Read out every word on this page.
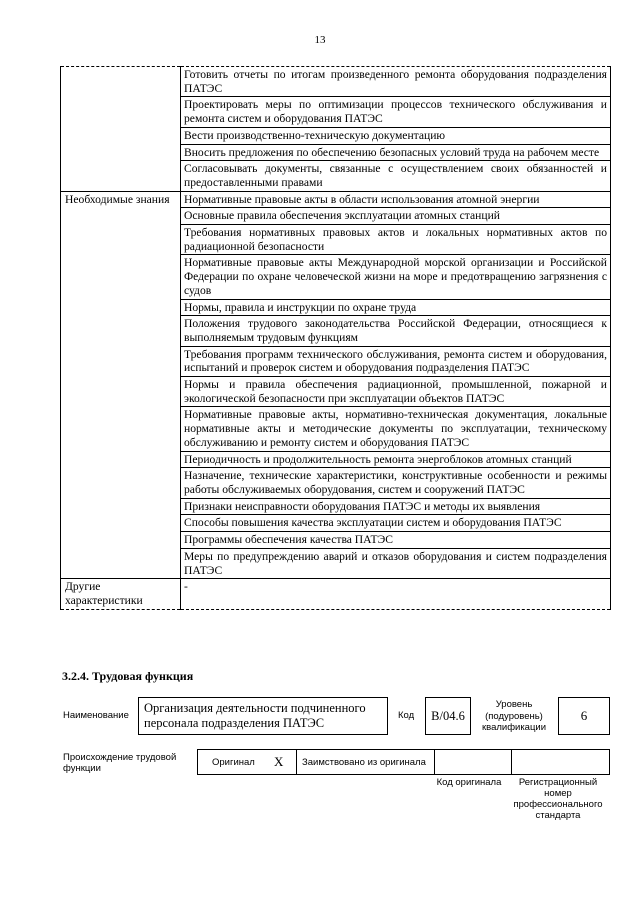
13
	Готовить отчеты по итогам произведенного ремонта оборудования подразделения ПАТЭС
	Проектировать меры по оптимизации процессов технического обслуживания и ремонта систем и оборудования ПАТЭС
	Вести производственно-техническую документацию
	Вносить предложения по обеспечению безопасных условий труда на рабочем месте
	Согласовывать документы, связанные с осуществлением своих обязанностей и предоставленными правами
Необходимые знания	Нормативные правовые акты в области использования атомной энергии
	Основные правила обеспечения эксплуатации атомных станций
	Требования нормативных правовых актов и локальных нормативных актов по радиационной безопасности
	Нормативные правовые акты Международной морской организации и Российской Федерации по охране человеческой жизни на море и предотвращению загрязнения с судов
	Нормы, правила и инструкции по охране труда
	Положения трудового законодательства Российской Федерации, относящиеся к выполняемым трудовым функциям
	Требования программ технического обслуживания, ремонта систем и оборудования, испытаний и проверок систем и оборудования подразделения ПАТЭС
	Нормы и правила обеспечения радиационной, промышленной, пожарной и экологической безопасности при эксплуатации объектов ПАТЭС
	Нормативные правовые акты, нормативно-техническая документация, локальные нормативные акты и методические документы по эксплуатации, техническому обслуживанию и ремонту систем и оборудования ПАТЭС
	Периодичность и продолжительность ремонта энергоблоков атомных станций
	Назначение, технические характеристики, конструктивные особенности и режимы работы обслуживаемых оборудования, систем и сооружений ПАТЭС
	Признаки неисправности оборудования ПАТЭС и методы их выявления
	Способы повышения качества эксплуатации систем и оборудования ПАТЭС
	Программы обеспечения качества ПАТЭС
	Меры по предупреждению аварий и отказов оборудования и систем подразделения ПАТЭС
Другие характеристики	-
3.2.4. Трудовая функция
Наименование
Организация деятельности подчиненного персонала подразделения ПАТЭС
Код	B/04.6
Уровень (подуровень) квалификации
6
Происхождение трудовой функции
Оригинал X Заимствовано из оригинала
Код оригинала	Регистрационный номер профессионального стандарта
